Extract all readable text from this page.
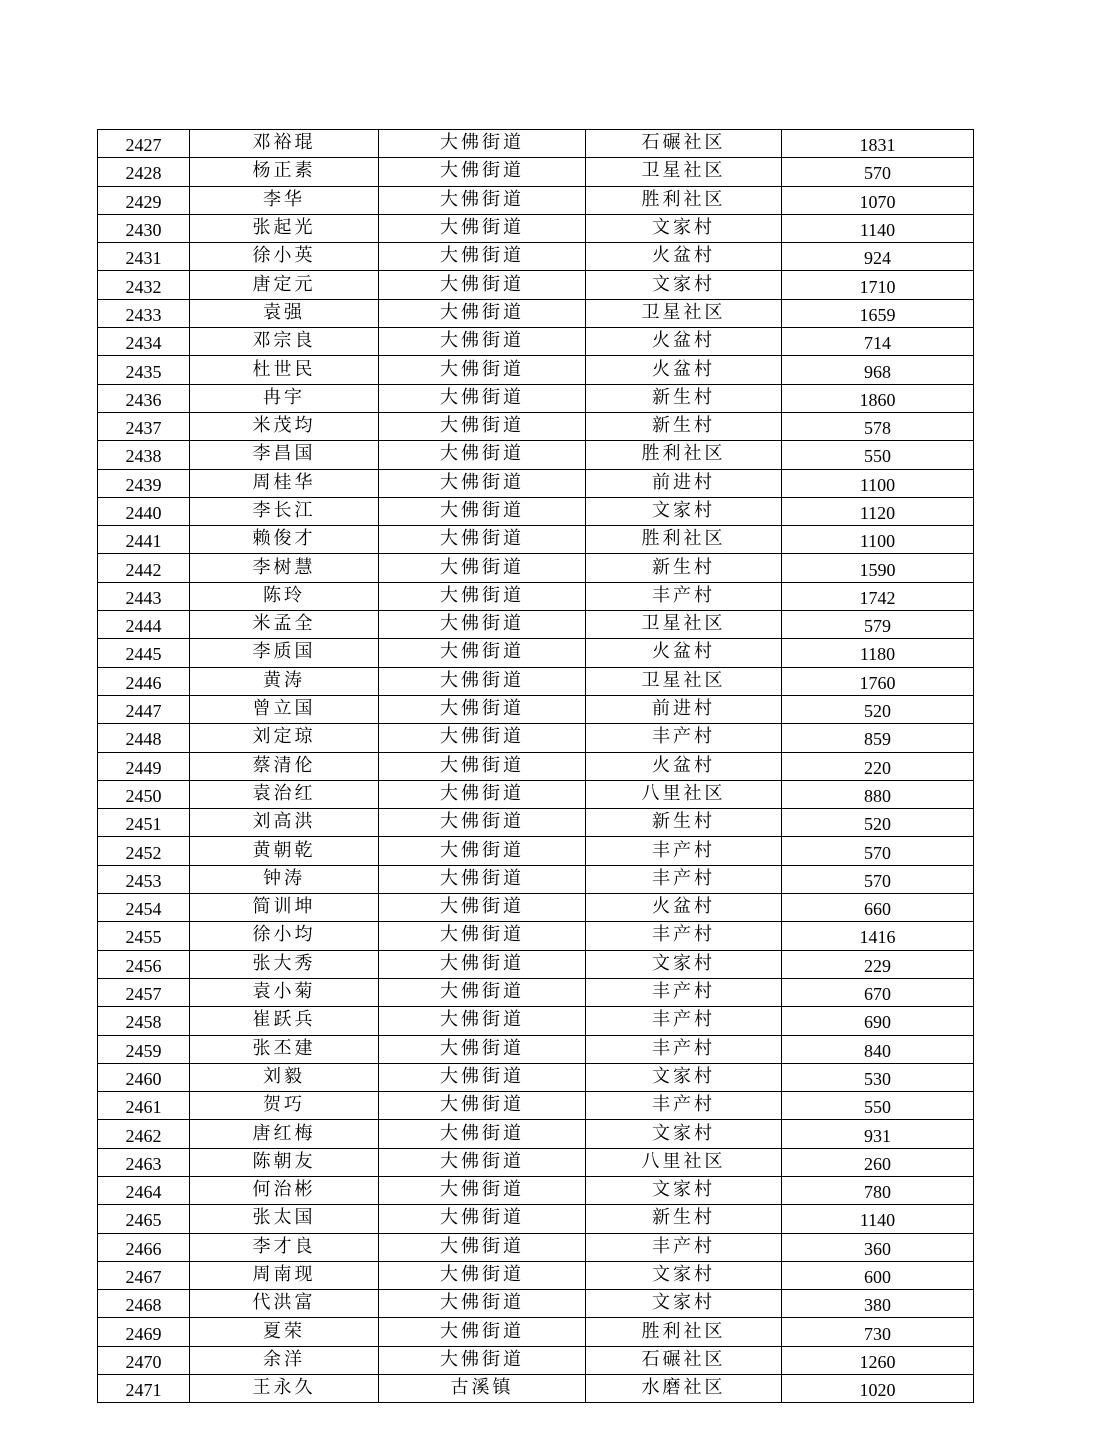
2427	邓裕琨	大佛街道	石碾社区	1831
2428	杨正素	大佛街道	卫星社区	570
2429	李华	大佛街道	胜利社区	1070
2430	张起光	大佛街道	文家村	1140
2431	徐小英	大佛街道	火盆村	924
2432	唐定元	大佛街道	文家村	1710
2433	袁强	大佛街道	卫星社区	1659
2434	邓宗良	大佛街道	火盆村	714
2435	杜世民	大佛街道	火盆村	968
2436	冉宇	大佛街道	新生村	1860
2437	米茂均	大佛街道	新生村	578
2438	李昌国	大佛街道	胜利社区	550
2439	周桂华	大佛街道	前进村	1100
2440	李长江	大佛街道	文家村	1120
2441	赖俊才	大佛街道	胜利社区	1100
2442	李树慧	大佛街道	新生村	1590
2443	陈玲	大佛街道	丰产村	1742
2444	米孟全	大佛街道	卫星社区	579
2445	李质国	大佛街道	火盆村	1180
2446	黄涛	大佛街道	卫星社区	1760
2447	曾立国	大佛街道	前进村	520
2448	刘定琼	大佛街道	丰产村	859
2449	蔡清伦	大佛街道	火盆村	220
2450	袁治红	大佛街道	八里社区	880
2451	刘高洪	大佛街道	新生村	520
2452	黄朝乾	大佛街道	丰产村	570
2453	钟涛	大佛街道	丰产村	570
2454	简训坤	大佛街道	火盆村	660
2455	徐小均	大佛街道	丰产村	1416
2456	张大秀	大佛街道	文家村	229
2457	袁小菊	大佛街道	丰产村	670
2458	崔跃兵	大佛街道	丰产村	690
2459	张丕建	大佛街道	丰产村	840
2460	刘毅	大佛街道	文家村	530
2461	贺巧	大佛街道	丰产村	550
2462	唐红梅	大佛街道	文家村	931
2463	陈朝友	大佛街道	八里社区	260
2464	何治彬	大佛街道	文家村	780
2465	张太国	大佛街道	新生村	1140
2466	李才良	大佛街道	丰产村	360
2467	周南现	大佛街道	文家村	600
2468	代洪富	大佛街道	文家村	380
2469	夏荣	大佛街道	胜利社区	730
2470	余洋	大佛街道	石碾社区	1260
2471	王永久	古溪镇	水磨社区	1020
